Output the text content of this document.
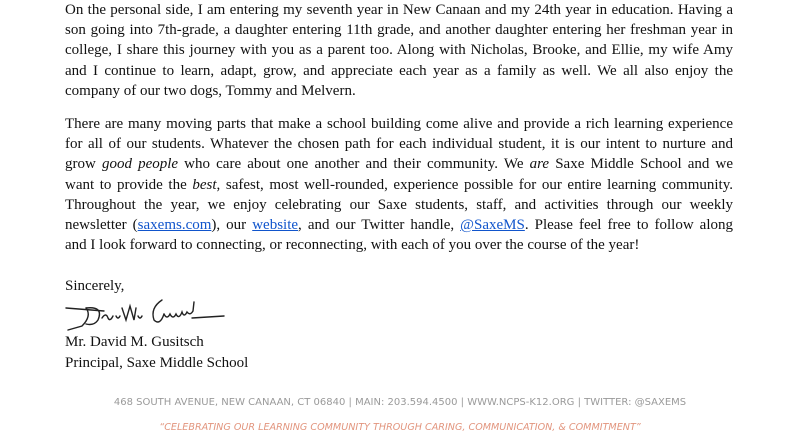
On the personal side, I am entering my seventh year in New Canaan and my 24th year in education. Having a
son going into 7th-grade, a daughter entering 11th grade, and another daughter entering her freshman year in
college, I share this journey with you as a parent too. Along with Nicholas, Brooke, and Ellie, my wife Amy
and I continue to learn, adapt, grow, and appreciate each year as a family as well. We all also enjoy the
company of our two dogs, Tommy and Melvern.
There are many moving parts that make a school building come alive and provide a rich learning experience
for all of our students. Whatever the chosen path for each individual student, it is our intent to nurture and
grow good people who care about one another and their community. We are Saxe Middle School and we
want to provide the best, safest, most well-rounded, experience possible for our entire learning community.
Throughout the year, we enjoy celebrating our Saxe students, staff, and activities through our weekly
newsletter (saxems.com), our website, and our Twitter handle, @SaxeMS. Please feel free to follow along
and I look forward to connecting, or reconnecting, with each of you over the course of the year!
Sincerely,
Mr. David M. Gusitsch
Principal, Saxe Middle School
468 SOUTH AVENUE, NEW CANAAN, CT 06840 | MAIN: 203.594.4500 | WWW.NCPS-K12.ORG | TWITTER: @SAXEMS
“CELEBRATING OUR LEARNING COMMUNITY THROUGH CARING, COMMUNICATION, & COMMITMENT”
